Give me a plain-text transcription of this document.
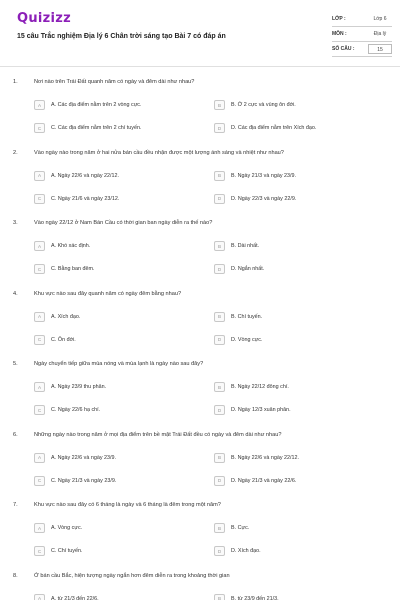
Quizizz
15 câu Trắc nghiệm Địa lý 6 Chân trời sáng tạo Bài 7 có đáp án
LỚP :	Lớp 6
MÔN :	Địa lý
SỐ CÂU :	15
1.	Nơi nào trên Trái Đất quanh năm có ngày và đêm dài như nhau?
A	A. Các địa điểm nằm trên 2 vòng cực.	B	B. Ở 2 cực và vùng ôn đới.
C	C. Các địa điểm nằm trên 2 chí tuyến.	D	D. Các địa điểm nằm trên Xích đạo.
2.	Vào ngày nào trong năm ở hai nửa bán cầu đều nhận được một lượng ánh sáng và nhiệt như nhau?
A	A. Ngày 22/6 và ngày 22/12.	B	B. Ngày 21/3 và ngày 23/9.
C	C. Ngày 21/6 và ngày 23/12.	D	D. Ngày 22/3 và ngày 22/9.
3.	Vào ngày 22/12 ở Nam Bán Cầu có thời gian ban ngày diễn ra thế nào?
A	A. Khó xác định.	B	B. Dài nhất.
C	C. Bằng ban đêm.	D	D. Ngắn nhất.
4.	Khu vực nào sau đây quanh năm có ngày đêm bằng nhau?
A	A. Xích đạo.	B	B. Chí tuyến.
C	C. Ôn đới.	D	D. Vòng cực.
5.	Ngày chuyển tiếp giữa mùa nóng và mùa lạnh là ngày nào sau đây?
A	A. Ngày 23/9 thu phân.	B	B. Ngày 22/12 đông chí.
C	C. Ngày 22/6 hạ chí.	D	D. Ngày 12/3 xuân phân.
6.	Những ngày nào trong năm ở mọi địa điểm trên bề mặt Trái Đất đều có ngày và đêm dài như nhau?
A	A. Ngày 22/6 và ngày 23/9.	B	B. Ngày 22/6 và ngày 22/12.
C	C. Ngày 21/3 và ngày 23/9.	D	D. Ngày 21/3 và ngày 22/6.
7.	Khu vực nào sau đây có 6 tháng là ngày và 6 tháng là đêm trong một năm?
A	A. Vòng cực.	B	B. Cực.
C	C. Chí tuyến.	D	D. Xích đạo.
8.	Ở bán cầu Bắc, hiện tượng ngày ngắn hơn đêm diễn ra trong khoảng thời gian
A	A. từ 21/3 đến 22/6.	B	B. từ 23/9 đến 21/3.
